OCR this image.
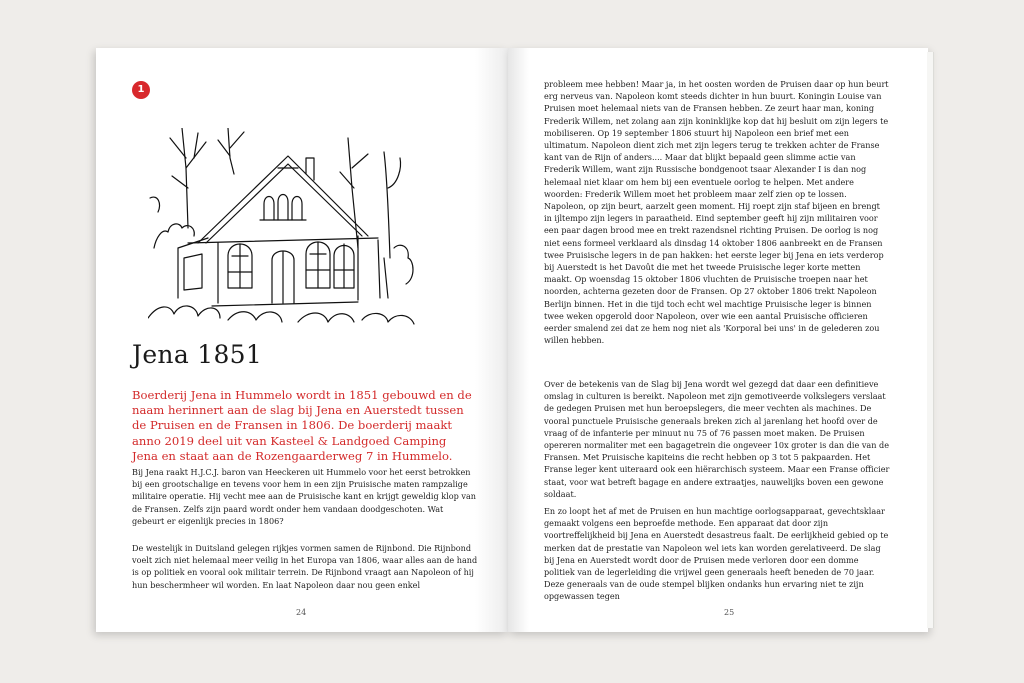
1
Jena 1851
Boerderij Jena in Hummelo wordt in 1851 gebouwd en de naam herinnert aan de slag bij Jena en Auerstedt tussen de Pruisen en de Fransen in 1806. De boerderij maakt anno 2019 deel uit van Kasteel & Landgoed Camping Jena en staat aan de Rozengaarderweg 7 in Hummelo.
Bij Jena raakt H.J.C.J. baron van Heeckeren uit Hummelo voor het eerst betrokken bij een grootschalige en tevens voor hem in een zijn Pruisische maten rampzalige militaire operatie. Hij vecht mee aan de Pruisische kant en krijgt geweldig klop van de Fransen. Zelfs zijn paard wordt onder hem vandaan doodgeschoten. Wat gebeurt er eigenlijk precies in 1806?
De westelijk in Duitsland gelegen rijkjes vormen samen de Rijnbond. Die Rijnbond voelt zich niet helemaal meer veilig in het Europa van 1806, waar alles aan de hand is op politiek en vooral ook militair terrein. De Rijnbond vraagt aan Napoleon of hij hun beschermheer wil worden. En laat Napoleon daar nou geen enkel
24
probleem mee hebben! Maar ja, in het oosten worden de Pruisen daar op hun beurt erg nerveus van. Napoleon komt steeds dichter in hun buurt. Koningin Louise van Pruisen moet helemaal niets van de Fransen hebben. Ze zeurt haar man, koning Frederik Willem, net zolang aan zijn koninklijke kop dat hij besluit om zijn legers te mobiliseren. Op 19 september 1806 stuurt hij Napoleon een brief met een ultimatum. Napoleon dient zich met zijn legers terug te trekken achter de Franse kant van de Rijn of anders.... Maar dat blijkt bepaald geen slimme actie van Frederik Willem, want zijn Russische bondgenoot tsaar Alexander I is dan nog helemaal niet klaar om hem bij een eventuele oorlog te helpen. Met andere woorden: Frederik Willem moet het probleem maar zelf zien op te lossen. Napoleon, op zijn beurt, aarzelt geen moment. Hij roept zijn staf bijeen en brengt in ijltempo zijn legers in paraatheid. Eind september geeft hij zijn militairen voor een paar dagen brood mee en trekt razendsnel richting Pruisen. De oorlog is nog niet eens formeel verklaard als dinsdag 14 oktober 1806 aanbreekt en de Fransen twee Pruisische legers in de pan hakken: het eerste leger bij Jena en iets verderop bij Auerstedt is het Davoût die met het tweede Pruisische leger korte metten maakt. Op woensdag 15 oktober 1806 vluchten de Pruisische troepen naar het noorden, achterna gezeten door de Fransen. Op 27 oktober 1806 trekt Napoleon Berlijn binnen. Het in die tijd toch echt wel machtige Pruisische leger is binnen twee weken opgerold door Napoleon, over wie een aantal Pruisische officieren eerder smalend zei dat ze hem nog niet als 'Korporal bei uns' in de gelederen zou willen hebben.
Over de betekenis van de Slag bij Jena wordt wel gezegd dat daar een definitieve omslag in culturen is bereikt. Napoleon met zijn gemotiveerde volkslegers verslaat de gedegen Pruisen met hun beroepslegers, die meer vechten als machines. De vooral punctuele Pruisische generaals breken zich al jarenlang het hoofd over de vraag of de infanterie per minuut nu 75 of 76 passen moet maken. De Pruisen opereren normaliter met een bagagetrein die ongeveer 10x groter is dan die van de Fransen. Met Pruisische kapiteins die recht hebben op 3 tot 5 pakpaarden. Het Franse leger kent uiteraard ook een hiërarchisch systeem. Maar een Franse officier staat, voor wat betreft bagage en andere extraatjes, nauwelijks boven een gewone soldaat.
En zo loopt het af met de Pruisen en hun machtige oorlogsapparaat, gevechtsklaar gemaakt volgens een beproefde methode. Een apparaat dat door zijn voortreffelijkheid bij Jena en Auerstedt desastreus faalt. De eerlijkheid gebied op te merken dat de prestatie van Napoleon wel iets kan worden gerelativeerd. De slag bij Jena en Auerstedt wordt door de Pruisen mede verloren door een domme politiek van de legerleiding die vrijwel geen generaals heeft beneden de 70 jaar. Deze generaals van de oude stempel blijken ondanks hun ervaring niet te zijn opgewassen tegen
25
